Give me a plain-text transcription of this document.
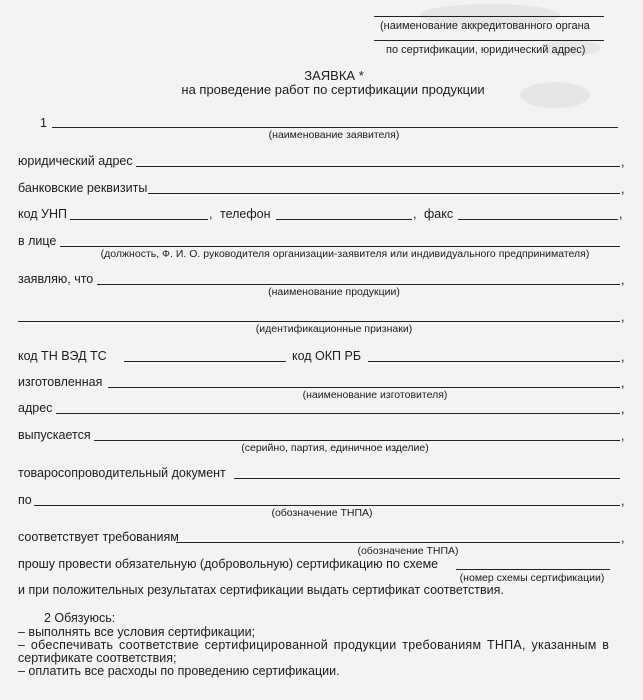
(наименование аккредитованного органа
по сертификации, юридический адрес)
ЗАЯВКА *
на проведение работ по сертификации продукции
1
(наименование заявителя)
юридический адрес	,
банковские реквизиты	,
код УНП	, телефон	, факс	,
в лице
(должность, Ф. И. О. руководителя организации-заявителя или индивидуального предпринимателя)
заявляю, что	,
(наименование продукции)
,
(идентификационные признаки)
код ТН ВЭД ТС	код ОКП РБ	,
изготовленная	,
(наименование изготовителя)
адрес	,
выпускается	,
(серийно, партия, единичное изделие)
товаросопроводительный документ
по	,
(обозначение ТНПА)
соответствует требованиям	,
(обозначение ТНПА)
прошу провести обязательную (добровольную) сертификацию по схеме
(номер схемы сертификации)
и при положительных результатах сертификации выдать сертификат соответствия.
2 Обязуюсь:
– выполнять все условия сертификации;
– обеспечивать соответствие сертифицированной продукции требованиям ТНПА, указанным в
сертификате соответствия;
– оплатить все расходы по проведению сертификации.
